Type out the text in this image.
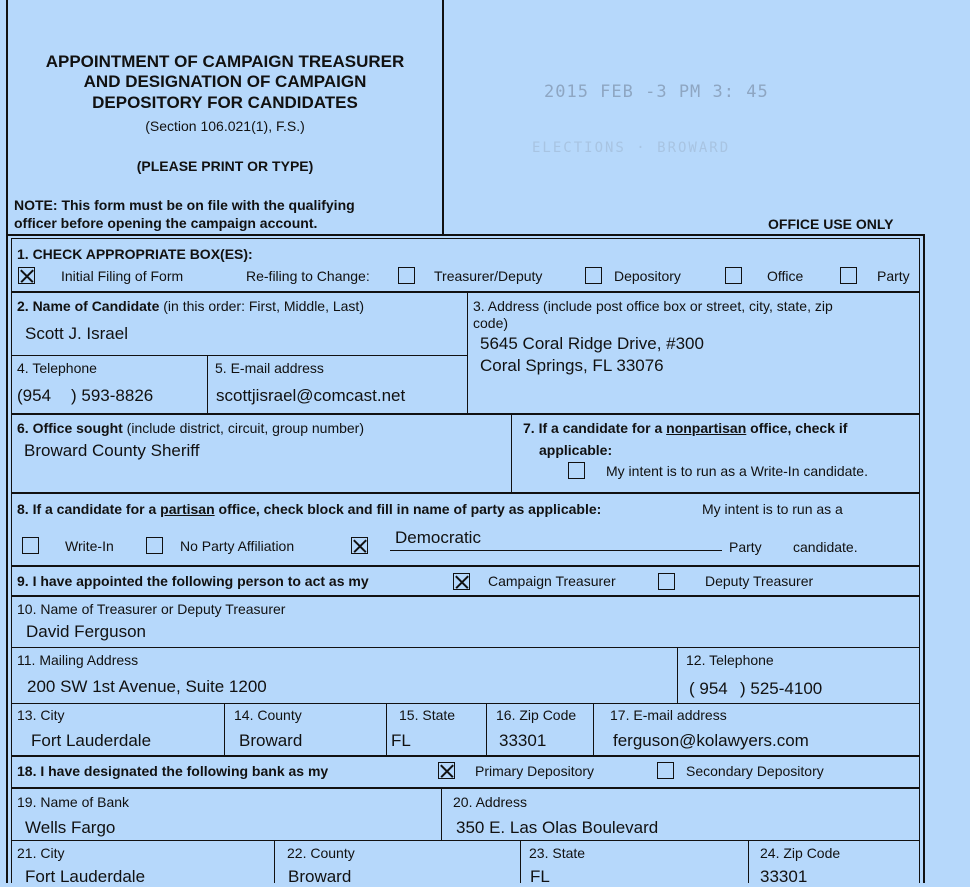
APPOINTMENT OF CAMPAIGN TREASURER
AND DESIGNATION OF CAMPAIGN
DEPOSITORY FOR CANDIDATES
(Section 106.021(1), F.S.)
(PLEASE PRINT OR TYPE)
NOTE: This form must be on file with the qualifying
officer before opening the campaign account.
2015 FEB -3 PM 3: 45
ELECTIONS · BROWARD
OFFICE USE ONLY
1. CHECK APPROPRIATE BOX(ES):
Initial Filing of Form	Re-filing to Change:	Treasurer/Deputy	Depository	Office	Party
2. Name of Candidate (in this order: First, Middle, Last)
Scott J. Israel
3. Address (include post office box or street, city, state, zip
code)
5645 Coral Ridge Drive, #300
Coral Springs, FL 33076
4. Telephone
(954 ) 593-8826
5. E-mail address
scottjisrael@comcast.net
6. Office sought (include district, circuit, group number)
Broward County Sheriff
7. If a candidate for a nonpartisan office, check if
applicable:
My intent is to run as a Write-In candidate.
8. If a candidate for a partisan office, check block and fill in name of party as applicable:	My intent is to run as a
Write-In	No Party Affiliation	Democratic	Party candidate.
9. I have appointed the following person to act as my	Campaign Treasurer	Deputy Treasurer
10. Name of Treasurer or Deputy Treasurer
David Ferguson
11. Mailing Address
200 SW 1st Avenue, Suite 1200
12. Telephone
( 954 ) 525-4100
13. City
Fort Lauderdale
14. County
Broward
15. State
FL
16. Zip Code
33301
17. E-mail address
ferguson@kolawyers.com
18. I have designated the following bank as my	Primary Depository	Secondary Depository
19. Name of Bank
Wells Fargo
20. Address
350 E. Las Olas Boulevard
21. City
Fort Lauderdale
22. County
Broward
23. State
FL
24. Zip Code
33301
